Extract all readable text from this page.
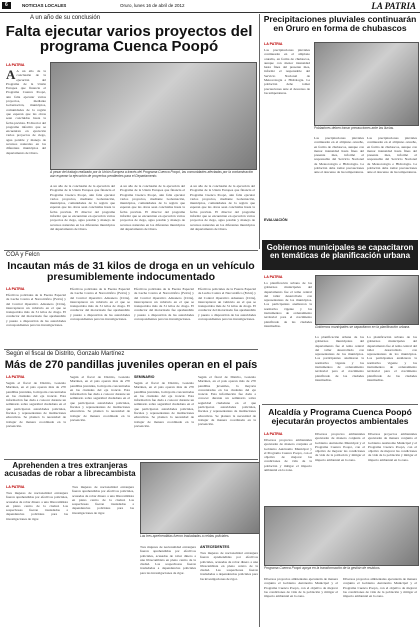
6	NOTICIAS LOCALES	Oruro, lunes 16 de abril de 2012	LA PATRIA
A un año de su conclusión
Falta ejecutar varios proyectos del programa Cuenca Poopó
LA PATRIA
A A un año de la conclusión de la ejecución del Programa de la Unión Europea que financia el Programa Cuenca Poopó, aún falta ejecutar varios proyectos, mediante Gobernación, municipios, comunidades de la región que esperan que las obras sean concluidas hasta la fecha prevista. El director del programa informó que se encuentran en ejecución varios proyectos de riego, agua potable y manejo de recursos naturales en los diferentes municipios del departamento de Oruro.
A pesar del trabajo realizado por la Unión Europea a través del Programa Cuenca Poopó, las comunidades afectadas por la contaminación aún esperan la ejecución de proyectos pendientes para el Departamento.
A un año de la conclusión de la ejecución del Programa de la Unión Europea que financia el Programa Cuenca Poopó, aún falta ejecutar varios proyectos, mediante Gobernación, municipios, comunidades de la región que esperan que las obras sean concluidas hasta la fecha prevista. El director del programa informó que se encuentran en ejecución varios proyectos de riego, agua potable y manejo de recursos naturales en los diferentes municipios del departamento de Oruro.
A un año de la conclusión de la ejecución del Programa de la Unión Europea que financia el Programa Cuenca Poopó, aún falta ejecutar varios proyectos, mediante Gobernación, municipios, comunidades de la región que esperan que las obras sean concluidas hasta la fecha prevista. El director del programa informó que se encuentran en ejecución varios proyectos de riego, agua potable y manejo de recursos naturales en los diferentes municipios del departamento de Oruro.
A un año de la conclusión de la ejecución del Programa de la Unión Europea que financia el Programa Cuenca Poopó, aún falta ejecutar varios proyectos, mediante Gobernación, municipios, comunidades de la región que esperan que las obras sean concluidas hasta la fecha prevista. El director del programa informó que se encuentran en ejecución varios proyectos de riego, agua potable y manejo de recursos naturales en los diferentes municipios del departamento de Oruro.
Precipitaciones pluviales continuarán en Oruro en forma de chubascos
LA PATRIA
Las precipitaciones pluviales continuarán en el altiplano orureño, en forma de chubascos, aunque con menor intensidad hasta fines del presente mes, informó el responsable del Servicio Nacional de Meteorología e Hidrología. La población debe tomar precauciones ante el descenso de las temperaturas.
Pobladores deben tomar precauciones ante las lluvias.
Las precipitaciones pluviales continuarán en el altiplano orureño, en forma de chubascos, aunque con menor intensidad hasta fines del presente mes, informó el responsable del Servicio Nacional de Meteorología e Hidrología. La población debe tomar precauciones ante el descenso de las temperaturas.
EVALUACIÓN
Las precipitaciones pluviales continuarán en el altiplano orureño, en forma de chubascos, aunque con menor intensidad hasta fines del presente mes, informó el responsable del Servicio Nacional de Meteorología e Hidrología. La población debe tomar precauciones ante el descenso de las temperaturas.
Gobiernos municipales se capacitaron en temáticas de planificación urbana
LA PATRIA
La planificación urbana de los gobiernos municipales del departamento fue el tema central del taller desarrollado con representantes de los municipios. Los participantes analizaron la normativa vigente y los instrumentos de ordenamiento territorial para el crecimiento planificado de las ciudades intermedias.	Gobiernos municipales se capacitaron en la planificación urbana.
La planificación urbana de los gobiernos municipales del departamento fue el tema central del taller desarrollado con representantes de los municipios. Los participantes analizaron la normativa vigente y los instrumentos de ordenamiento territorial para el crecimiento planificado de las ciudades intermedias.
La planificación urbana de los gobiernos municipales del departamento fue el tema central del taller desarrollado con representantes de los municipios. Los participantes analizaron la normativa vigente y los instrumentos de ordenamiento territorial para el crecimiento planificado de las ciudades intermedias.
COA y Felcn
Incautan más de 31 kilos de droga en un vehículo presumiblemente indocumentado
LA PATRIA
Efectivos policiales de la Fuerza Especial de Lucha Contra el Narcotráfico (Felcn) y del Control Operativo Aduanero (COA), interceptaron un vehículo en el que se transportaba más de 31 kilos de droga. El conductor del motorizado fue aprehendido y puesto a disposición de las autoridades correspondientes para las investigaciones.
Efectivos policiales de la Fuerza Especial de Lucha Contra el Narcotráfico (Felcn) y del Control Operativo Aduanero (COA), interceptaron un vehículo en el que se transportaba más de 31 kilos de droga. El conductor del motorizado fue aprehendido y puesto a disposición de las autoridades correspondientes para las investigaciones.
Efectivos policiales de la Fuerza Especial de Lucha Contra el Narcotráfico (Felcn) y del Control Operativo Aduanero (COA), interceptaron un vehículo en el que se transportaba más de 31 kilos de droga. El conductor del motorizado fue aprehendido y puesto a disposición de las autoridades correspondientes para las investigaciones.
Efectivos policiales de la Fuerza Especial de Lucha Contra el Narcotráfico (Felcn) y del Control Operativo Aduanero (COA), interceptaron un vehículo en el que se transportaba más de 31 kilos de droga. El conductor del motorizado fue aprehendido y puesto a disposición de las autoridades correspondientes para las investigaciones.
Según el fiscal de Distrito, Gonzalo Martínez
Más de 270 pandillas juveniles operan en el país
LA PATRIA
Según el fiscal de Distrito, Gonzalo Martínez, en el país operan más de 270 pandillas juveniles, la mayoría concentradas en las ciudades del eje troncal. Esta información fue dada a conocer durante un seminario sobre seguridad ciudadana en el que participaron autoridades policiales, fiscales y representantes de instituciones educativas. Se planteó la necesidad de trabajar de manera coordinada en la prevención.
Según el fiscal de Distrito, Gonzalo Martínez, en el país operan más de 270 pandillas juveniles, la mayoría concentradas en las ciudades del eje troncal. Esta información fue dada a conocer durante un seminario sobre seguridad ciudadana en el que participaron autoridades policiales, fiscales y representantes de instituciones educativas. Se planteó la necesidad de trabajar de manera coordinada en la prevención.
SEMINARIO
Según el fiscal de Distrito, Gonzalo Martínez, en el país operan más de 270 pandillas juveniles, la mayoría concentradas en las ciudades del eje troncal. Esta información fue dada a conocer durante un seminario sobre seguridad ciudadana en el que participaron autoridades policiales, fiscales y representantes de instituciones educativas. Se planteó la necesidad de trabajar de manera coordinada en la prevención.
Según el fiscal de Distrito, Gonzalo Martínez, en el país operan más de 270 pandillas juveniles, la mayoría concentradas en las ciudades del eje troncal. Esta información fue dada a conocer durante un seminario sobre seguridad ciudadana en el que participaron autoridades policiales, fiscales y representantes de instituciones educativas. Se planteó la necesidad de trabajar de manera coordinada en la prevención.
Aprehenden a tres extranjeras acusadas de robar a librecambista
LA PATRIA
Tres mujeres de nacionalidad extranjera fueron aprehendidas por efectivos policiales, acusadas de robar dinero a una librecambista en pleno centro de la ciudad. Las sospechosas fueron trasladadas a dependencias policiales para las investigaciones de rigor.
Tres mujeres de nacionalidad extranjera fueron aprehendidas por efectivos policiales, acusadas de robar dinero a una librecambista en pleno centro de la ciudad. Las sospechosas fueron trasladadas a dependencias policiales para las investigaciones de rigor.
Las tres aprehendidas fueron trasladadas a celdas policiales.
Tres mujeres de nacionalidad extranjera fueron aprehendidas por efectivos policiales, acusadas de robar dinero a una librecambista en pleno centro de la ciudad. Las sospechosas fueron trasladadas a dependencias policiales para las investigaciones de rigor.
ANTECEDENTES
Tres mujeres de nacionalidad extranjera fueron aprehendidas por efectivos policiales, acusadas de robar dinero a una librecambista en pleno centro de la ciudad. Las sospechosas fueron trasladadas a dependencias policiales para las investigaciones de rigor.
Alcaldía y Programa Cuenca Poopó ejecutarán proyectos ambientales
LA PATRIA
Diversos proyectos ambientales ejecutarán de manera conjunta el Gobierno Autónomo Municipal y el Programa Cuenca Poopó, con el objetivo de mejorar las condiciones de vida de la población y mitigar el impacto ambiental en la zona.
Diversos proyectos ambientales ejecutarán de manera conjunta el Gobierno Autónomo Municipal y el Programa Cuenca Poopó, con el objetivo de mejorar las condiciones de vida de la población y mitigar el impacto ambiental en la zona.
Diversos proyectos ambientales ejecutarán de manera conjunta el Gobierno Autónomo Municipal y el Programa Cuenca Poopó, con el objetivo de mejorar las condiciones de vida de la población y mitigar el impacto ambiental en la zona.
Programa Cuenca Poopó apoya en la transformación de la gestión de residuos.
Diversos proyectos ambientales ejecutarán de manera conjunta el Gobierno Autónomo Municipal y el Programa Cuenca Poopó, con el objetivo de mejorar las condiciones de vida de la población y mitigar el impacto ambiental en la zona.
Diversos proyectos ambientales ejecutarán de manera conjunta el Gobierno Autónomo Municipal y el Programa Cuenca Poopó, con el objetivo de mejorar las condiciones de vida de la población y mitigar el impacto ambiental en la zona.
